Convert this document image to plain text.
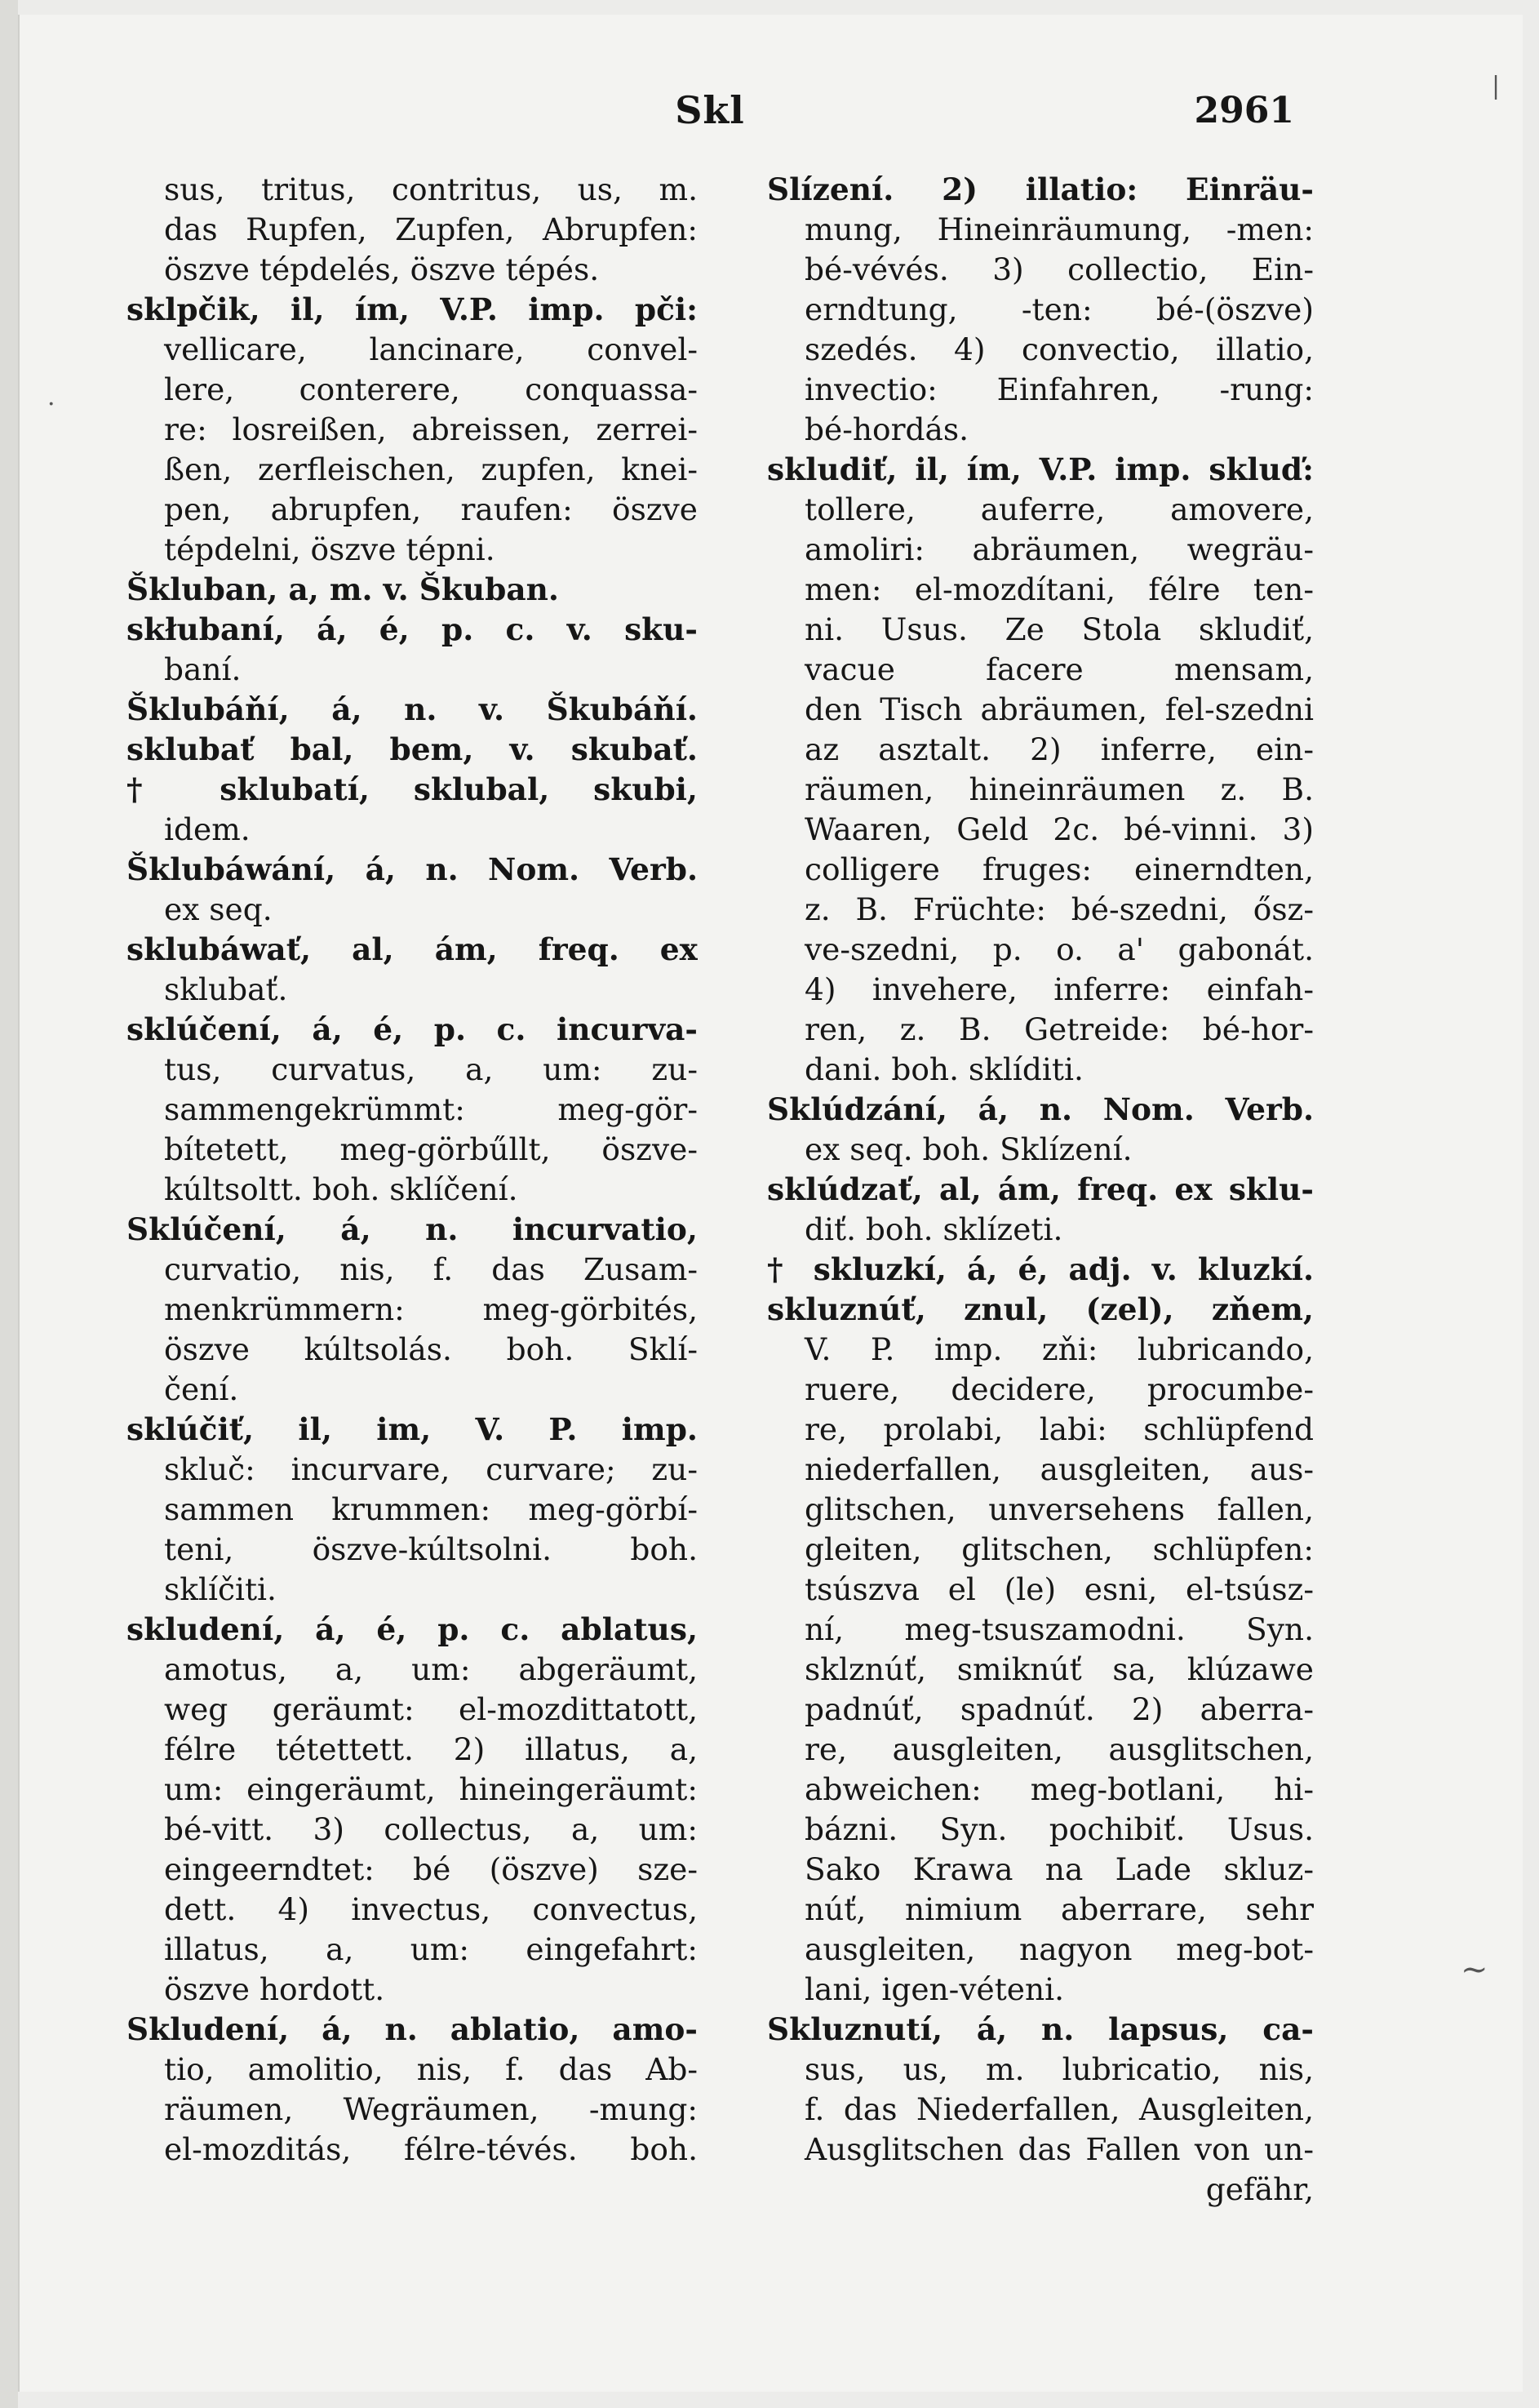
Skl	2961
sus, tritus, contritus, us, m.
das Rupfen, Zupfen, Abrupfen:
öszve tépdelés, öszve tépés.
sklpčik, il, ím, V.P. imp. pči:
vellicare, lancinare, convel-
lere, conterere, conquassa-
re: losreißen, abreissen, zerrei-
ßen, zerfleischen, zupfen, knei-
pen, abrupfen, raufen: öszve
tépdelni, öszve tépni.
Škluban, a, m. v. Škuban.
skłubaní, á, é, p. c. v. sku-
baní.
Šklubáňí, á, n. v. Škubáňí.
sklubať bal, bem, v. skubať.
† sklubatí, sklubal, skubi,
idem.
Šklubáwání, á, n. Nom. Verb.
ex seq.
sklubáwať, al, ám, freq. ex
sklubať.
sklúčení, á, é, p. c. incurva-
tus, curvatus, a, um: zu-
sammengekrümmt: meg-gör-
bítetett, meg-görbűllt, öszve-
kúltsoltt. boh. sklíčení.
Sklúčení, á, n. incurvatio,
curvatio, nis, f. das Zusam-
menkrümmern: meg-görbités,
öszve kúltsolás. boh. Sklí-
čení.
sklúčiť, il, im, V. P. imp.
skluč: incurvare, curvare; zu-
sammen krummen: meg-görbí-
teni, öszve-kúltsolni. boh.
sklíčiti.
skludení, á, é, p. c. ablatus,
amotus, a, um: abgeräumt,
weg geräumt: el-mozdittatott,
félre tétettett. 2) illatus, a,
um: eingeräumt, hineingeräumt:
bé-vitt. 3) collectus, a, um:
eingeerndtet: bé (öszve) sze-
dett. 4) invectus, convectus,
illatus, a, um: eingefahrt:
öszve hordott.
Skludení, á, n. ablatio, amo-
tio, amolitio, nis, f. das Ab-
räumen, Wegräumen, -mung:
el-mozditás, félre-tévés. boh.
Slízení. 2) illatio: Einräu-
mung, Hineinräumung, -men:
bé-vévés. 3) collectio, Ein-
erndtung, -ten: bé-(öszve)
szedés. 4) convectio, illatio,
invectio: Einfahren, -rung:
bé-hordás.
skludiť, il, ím, V.P. imp. skluď:
tollere, auferre, amovere,
amoliri: abräumen, wegräu-
men: el-mozdítani, félre ten-
ni. Usus. Ze Stola skludiť,
vacue facere mensam,
den Tisch abräumen, fel-szedni
az asztalt. 2) inferre, ein-
räumen, hineinräumen z. B.
Waaren, Geld 2c. bé-vinni. 3)
colligere fruges: einerndten,
z. B. Früchte: bé-szedni, ősz-
ve-szedni, p. o. a' gabonát.
4) invehere, inferre: einfah-
ren, z. B. Getreide: bé-hor-
dani. boh. sklíditi.
Sklúdzání, á, n. Nom. Verb.
ex seq. boh. Sklízení.
sklúdzať, al, ám, freq. ex sklu-
diť. boh. sklízeti.
† skluzkí, á, é, adj. v. kluzkí.
skluznúť, znul, (zel), zňem,
V. P. imp. zňi: lubricando,
ruere, decidere, procumbe-
re, prolabi, labi: schlüpfend
niederfallen, ausgleiten, aus-
glitschen, unversehens fallen,
gleiten, glitschen, schlüpfen:
tsúszva el (le) esni, el-tsúsz-
ní, meg-tsuszamodni. Syn.
sklznúť, smiknúť sa, klúzawe
padnúť, spadnúť. 2) aberra-
re, ausgleiten, ausglitschen,
abweichen: meg-botlani, hi-
bázni. Syn. pochibiť. Usus.
Sako Krawa na Lade skluz-
núť, nimium aberrare, sehr
ausgleiten, nagyon meg-bot-
lani, igen-véteni.
Skluznutí, á, n. lapsus, ca-
sus, us, m. lubricatio, nis,
f. das Niederfallen, Ausgleiten,
Ausglitschen das Fallen von un-
gefähr,
|
·
~
